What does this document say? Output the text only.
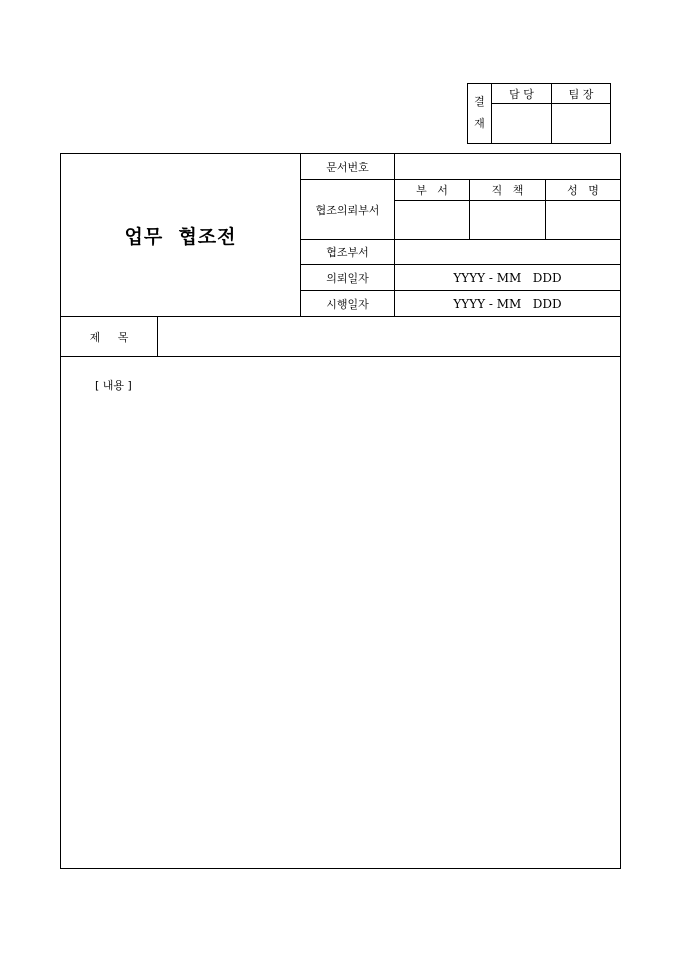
결
재
담 당	팀 장
업무  협조전
문서번호
협조의뢰부서
부   서	직   책	성   명
협조부서
의뢰일자	YYYY - MM   DDD
시행일자	YYYY - MM   DDD
제     목
[ 내용 ]
